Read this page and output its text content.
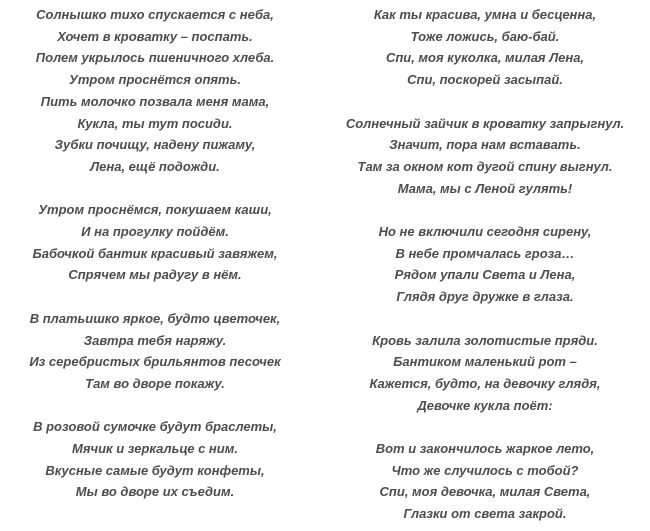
Солнышко тихо спускается с неба,
Хочет в кроватку – поспать.
Полем укрылось пшеничного хлеба.
Утром проснётся опять.
Пить молочко позвала меня мама,
Кукла, ты тут посиди.
Зубки почищу, надену пижаму,
Лена, ещё подожди.
Утром проснёмся, покушаем каши,
И на прогулку пойдём.
Бабочкой бантик красивый завяжем,
Спрячем мы радугу в нём.
В платьишко яркое, будто цветочек,
Завтра тебя наряжу.
Из серебристых брильянтов песочек
Там во дворе покажу.
В розовой сумочке будут браслеты,
Мячик и зеркальце с ним.
Вкусные самые будут конфеты,
Мы во дворе их съедим.
Как ты красива, умна и бесценна,
Тоже ложись, баю-бай.
Спи, моя куколка, милая Лена,
Спи, поскорей засыпай.
Солнечный зайчик в кроватку запрыгнул.
Значит, пора нам вставать.
Там за окном кот дугой спину выгнул.
Мама, мы с Леной гулять!
Но не включили сегодня сирену,
В небе промчалась гроза…
Рядом упали Света и Лена,
Глядя друг дружке в глаза.
Кровь залила золотистые пряди.
Бантиком маленький рот –
Кажется, будто, на девочку глядя,
Девочке кукла поёт:
Вот и закончилось жаркое лето,
Что же случилось с тобой?
Спи, моя девочка, милая Света,
Глазки от света закрой.
